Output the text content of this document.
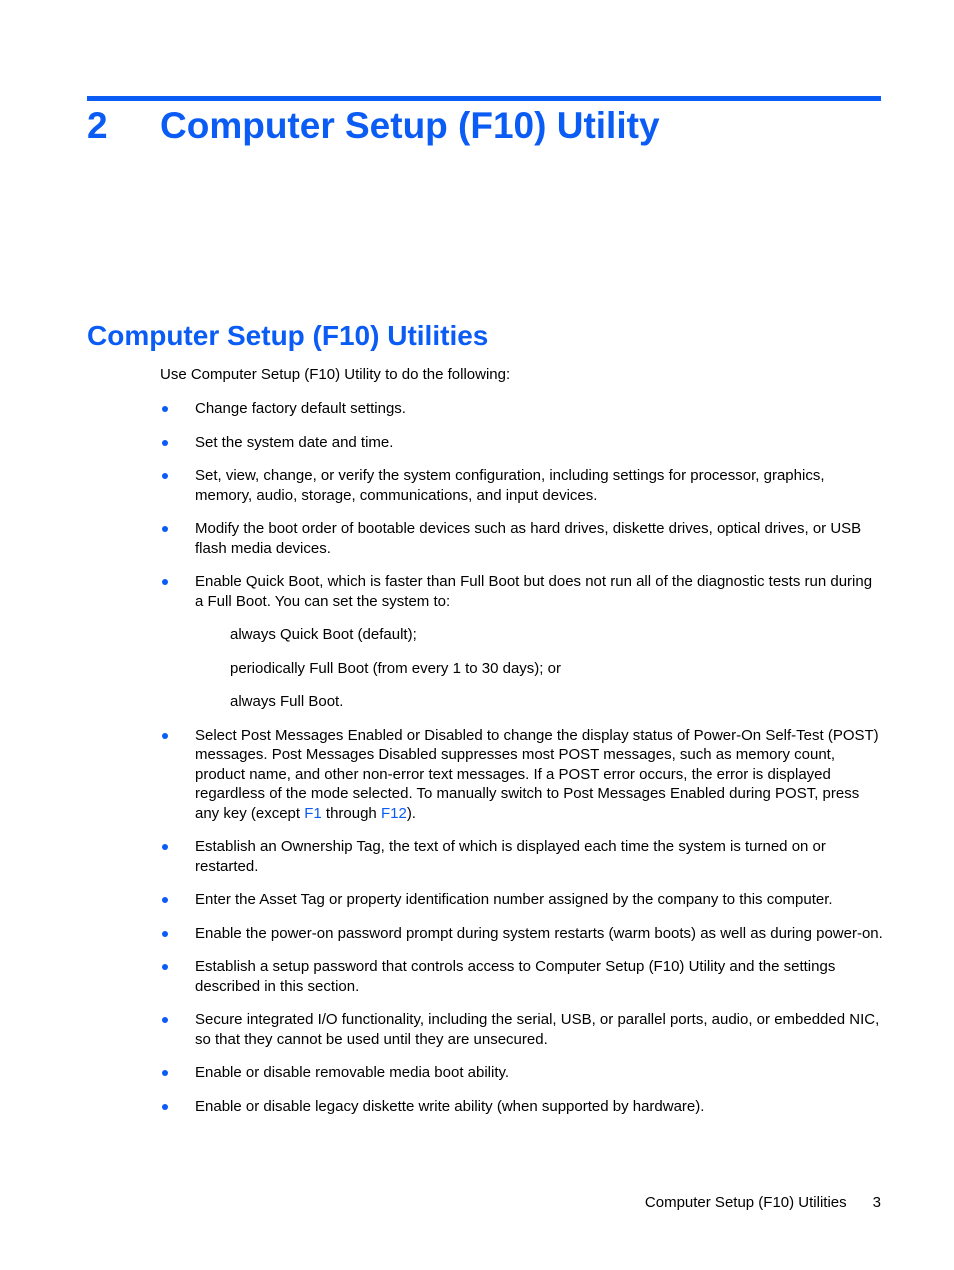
2 Computer Setup (F10) Utility
Computer Setup (F10) Utilities

Use Computer Setup (F10) Utility to do the following:

Change factory default settings.
Set the system date and time.
Set, view, change, or verify the system configuration, including settings for processor, graphics, memory, audio, storage, communications, and input devices.
Modify the boot order of bootable devices such as hard drives, diskette drives, optical drives, or USB flash media devices.
Enable Quick Boot, which is faster than Full Boot but does not run all of the diagnostic tests run during a Full Boot. You can set the system to:
always Quick Boot (default);
periodically Full Boot (from every 1 to 30 days); or
always Full Boot.
Select Post Messages Enabled or Disabled to change the display status of Power-On Self-Test (POST) messages. Post Messages Disabled suppresses most POST messages, such as memory count, product name, and other non-error text messages. If a POST error occurs, the error is displayed regardless of the mode selected. To manually switch to Post Messages Enabled during POST, press any key (except F1 through F12).
Establish an Ownership Tag, the text of which is displayed each time the system is turned on or restarted.
Enter the Asset Tag or property identification number assigned by the company to this computer.
Enable the power-on password prompt during system restarts (warm boots) as well as during power-on.
Establish a setup password that controls access to Computer Setup (F10) Utility and the settings described in this section.
Secure integrated I/O functionality, including the serial, USB, or parallel ports, audio, or embedded NIC, so that they cannot be used until they are unsecured.
Enable or disable removable media boot ability.
Enable or disable legacy diskette write ability (when supported by hardware).
Computer Setup (F10) Utilities 3
